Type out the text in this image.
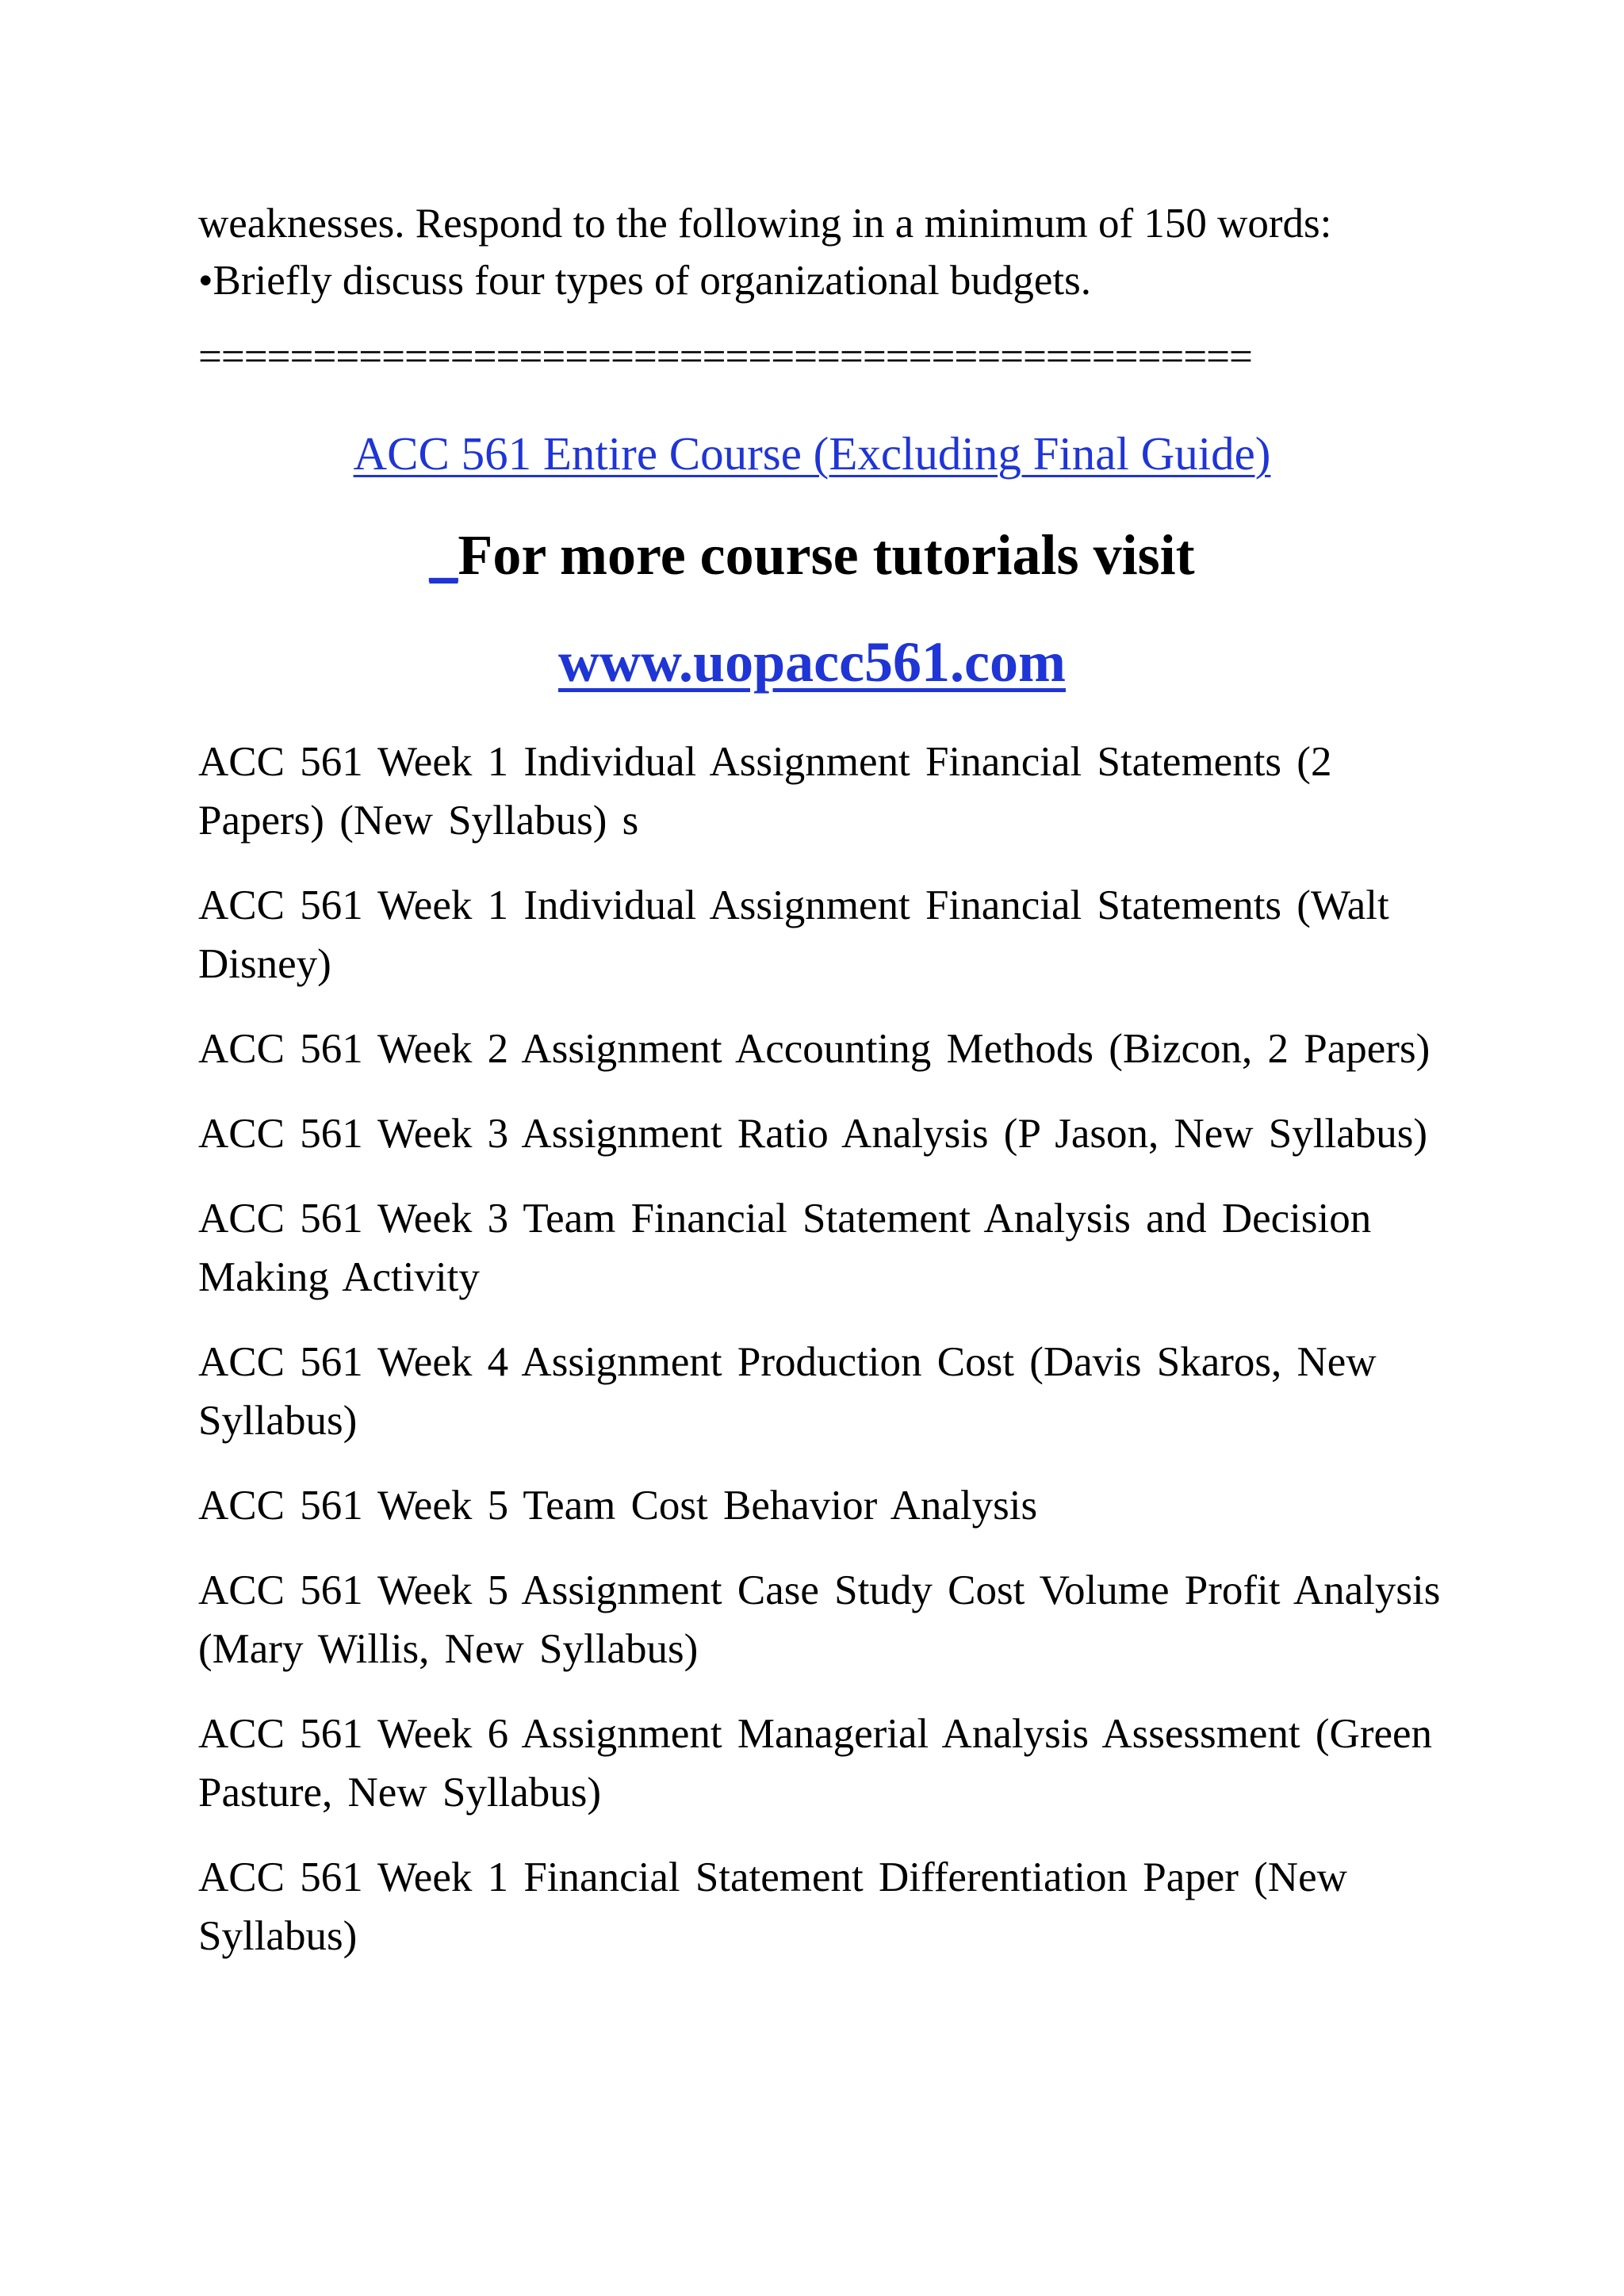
weaknesses. Respond to the following in a minimum of 150 words:

•Briefly discuss four types of organizational budgets.

==============================================

ACC 561 Entire Course (Excluding Final Guide)

_For more course tutorials visit

www.uopacc561.com

ACC 561 Week 1 Individual Assignment Financial Statements (2 Papers) (New Syllabus) s
ACC 561 Week 1 Individual Assignment Financial Statements (Walt Disney)
ACC 561 Week 2 Assignment Accounting Methods (Bizcon, 2 Papers)
ACC 561 Week 3 Assignment Ratio Analysis (P Jason, New Syllabus)
ACC 561 Week 3 Team Financial Statement Analysis and Decision Making Activity
ACC 561 Week 4 Assignment Production Cost (Davis Skaros, New Syllabus)
ACC 561 Week 5 Team Cost Behavior Analysis
ACC 561 Week 5 Assignment Case Study Cost Volume Profit Analysis (Mary Willis, New Syllabus)
ACC 561 Week 6 Assignment Managerial Analysis Assessment (Green Pasture, New Syllabus)
ACC 561 Week 1 Financial Statement Differentiation Paper (New Syllabus)
